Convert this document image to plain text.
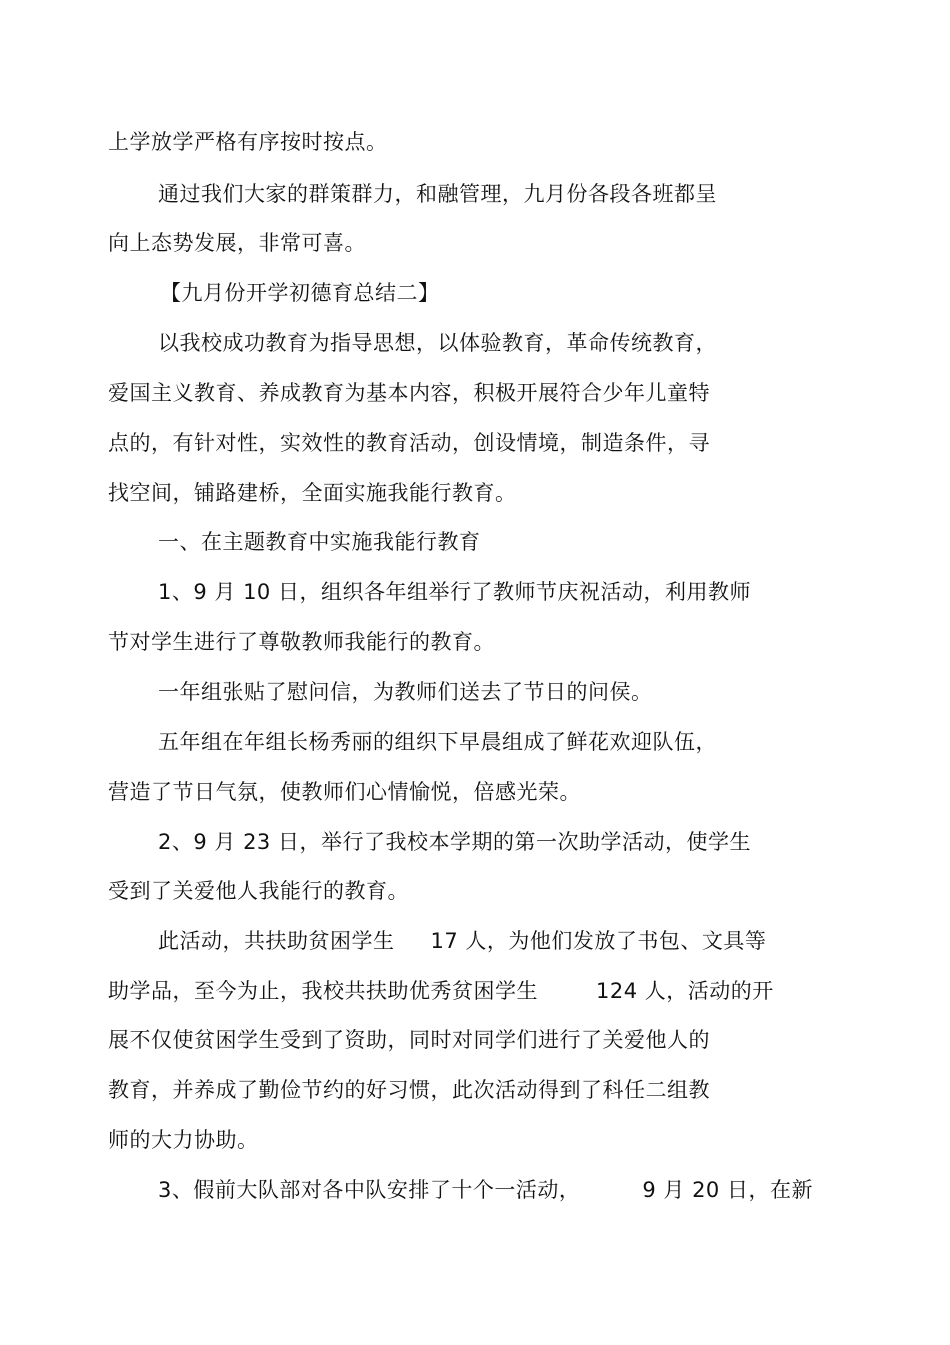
上学放学严格有序按时按点。
通过我们大家的群策群力，和融管理，九月份各段各班都呈
向上态势发展，非常可喜。
【九月份开学初德育总结二】
以我校成功教育为指导思想，以体验教育，革命传统教育，
爱国主义教育、养成教育为基本内容，积极开展符合少年儿童特
点的，有针对性，实效性的教育活动，创设情境，制造条件，寻
找空间，铺路建桥，全面实施我能行教育。
一、在主题教育中实施我能行教育
1、9 月 10 日，组织各年组举行了教师节庆祝活动，利用教师
节对学生进行了尊敬教师我能行的教育。
一年组张贴了慰问信，为教师们送去了节日的问侯。
五年组在年组长杨秀丽的组织下早晨组成了鲜花欢迎队伍，
营造了节日气氛，使教师们心情愉悦，倍感光荣。
2、9 月 23 日，举行了我校本学期的第一次助学活动，使学生
受到了关爱他人我能行的教育。
此活动，共扶助贫困学生 17 人，为他们发放了书包、文具等
助学品，至今为止，我校共扶助优秀贫困学生	124 人，活动的开
展不仅使贫困学生受到了资助，同时对同学们进行了关爱他人的
教育，并养成了勤俭节约的好习惯，此次活动得到了科任二组教
师的大力协助。
3、假前大队部对各中队安排了十个一活动，	9 月 20 日，在新
